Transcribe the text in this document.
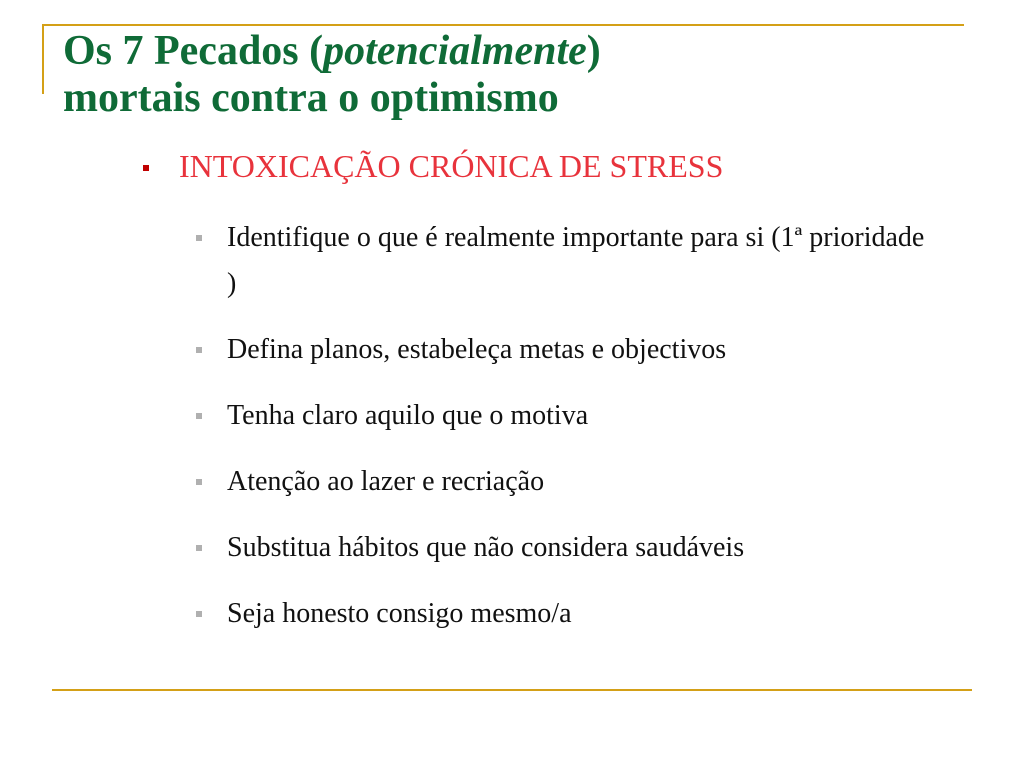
Os 7 Pecados (potencialmente)
mortais contra o optimismo
INTOXICAÇÃO CRÓNICA DE STRESS
Identifique o que é realmente importante para si (1ª prioridade )
Defina planos, estabeleça metas e objectivos
Tenha claro aquilo que o motiva
Atenção ao lazer e recriação
Substitua hábitos que não considera saudáveis
Seja honesto consigo mesmo/a
